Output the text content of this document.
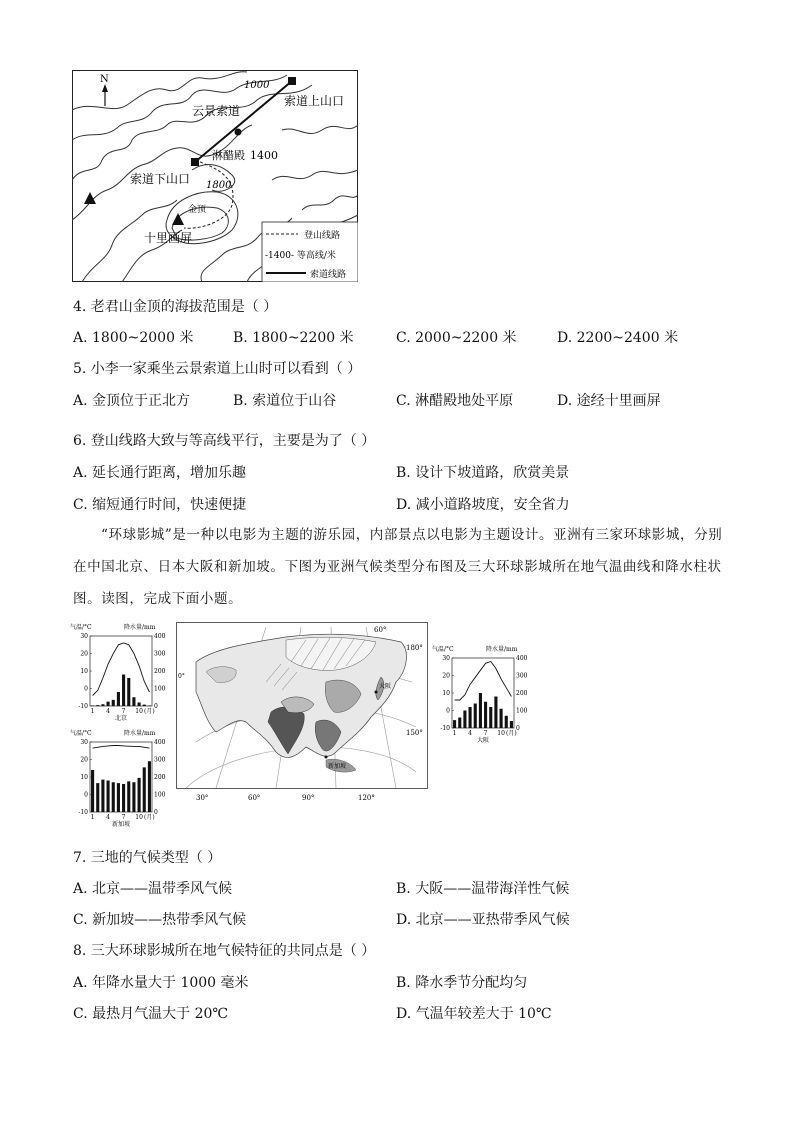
N
1000
索道上山口
云景索道
淋醋殿 1400
索道下山口 1800
金顶
十里画屏	登山线路
-1400- 等高线/米
索道线路
4. 老君山金顶的海拔范围是（ ）
A. 1800~2000 米	B. 1800~2200 米	C. 2000~2200 米	D. 2200~2400 米
5. 小李一家乘坐云景索道上山时可以看到（ ）
A. 金顶位于正北方	B. 索道位于山谷	C. 淋醋殿地处平原	D. 途经十里画屏
6. 登山线路大致与等高线平行，主要是为了（ ）
A. 延长通行距离，增加乐趣	B. 设计下坡道路，欣赏美景
C. 缩短通行时间，快速便捷	D. 减小道路坡度，安全省力
“环球影城”是一种以电影为主题的游乐园，内部景点以电影为主题设计。亚洲有三家环球影城，分别在中国北京、日本大阪和新加坡。下图为亚洲气候类型分布图及三大环球影城所在地气温曲线和降水柱状图。读图，完成下面小题。
气温/°C	降水量/mm
30
20
10
0
-10
400
300
200
100
0
1 4 7 10 (月)
北京
气温/°C	降水量/mm
30
20
10
0
-10
400
300
200
100
0
1 4 7 10 (月)
新加坡
气温/°C	降水量/mm
30
20
10
0
-10
400
300
200
100
0
1 4 7 10 (月)
大阪
60°
180°
150°
0°
大阪
新加坡
30°	60°	90°	120°
7. 三地的气候类型（ ）
A. 北京——温带季风气候	B. 大阪——温带海洋性气候
C. 新加坡——热带季风气候	D. 北京——亚热带季风气候
8. 三大环球影城所在地气候特征的共同点是（ ）
A. 年降水量大于 1000 毫米	B. 降水季节分配均匀
C. 最热月气温大于 20℃	D. 气温年较差大于 10℃
